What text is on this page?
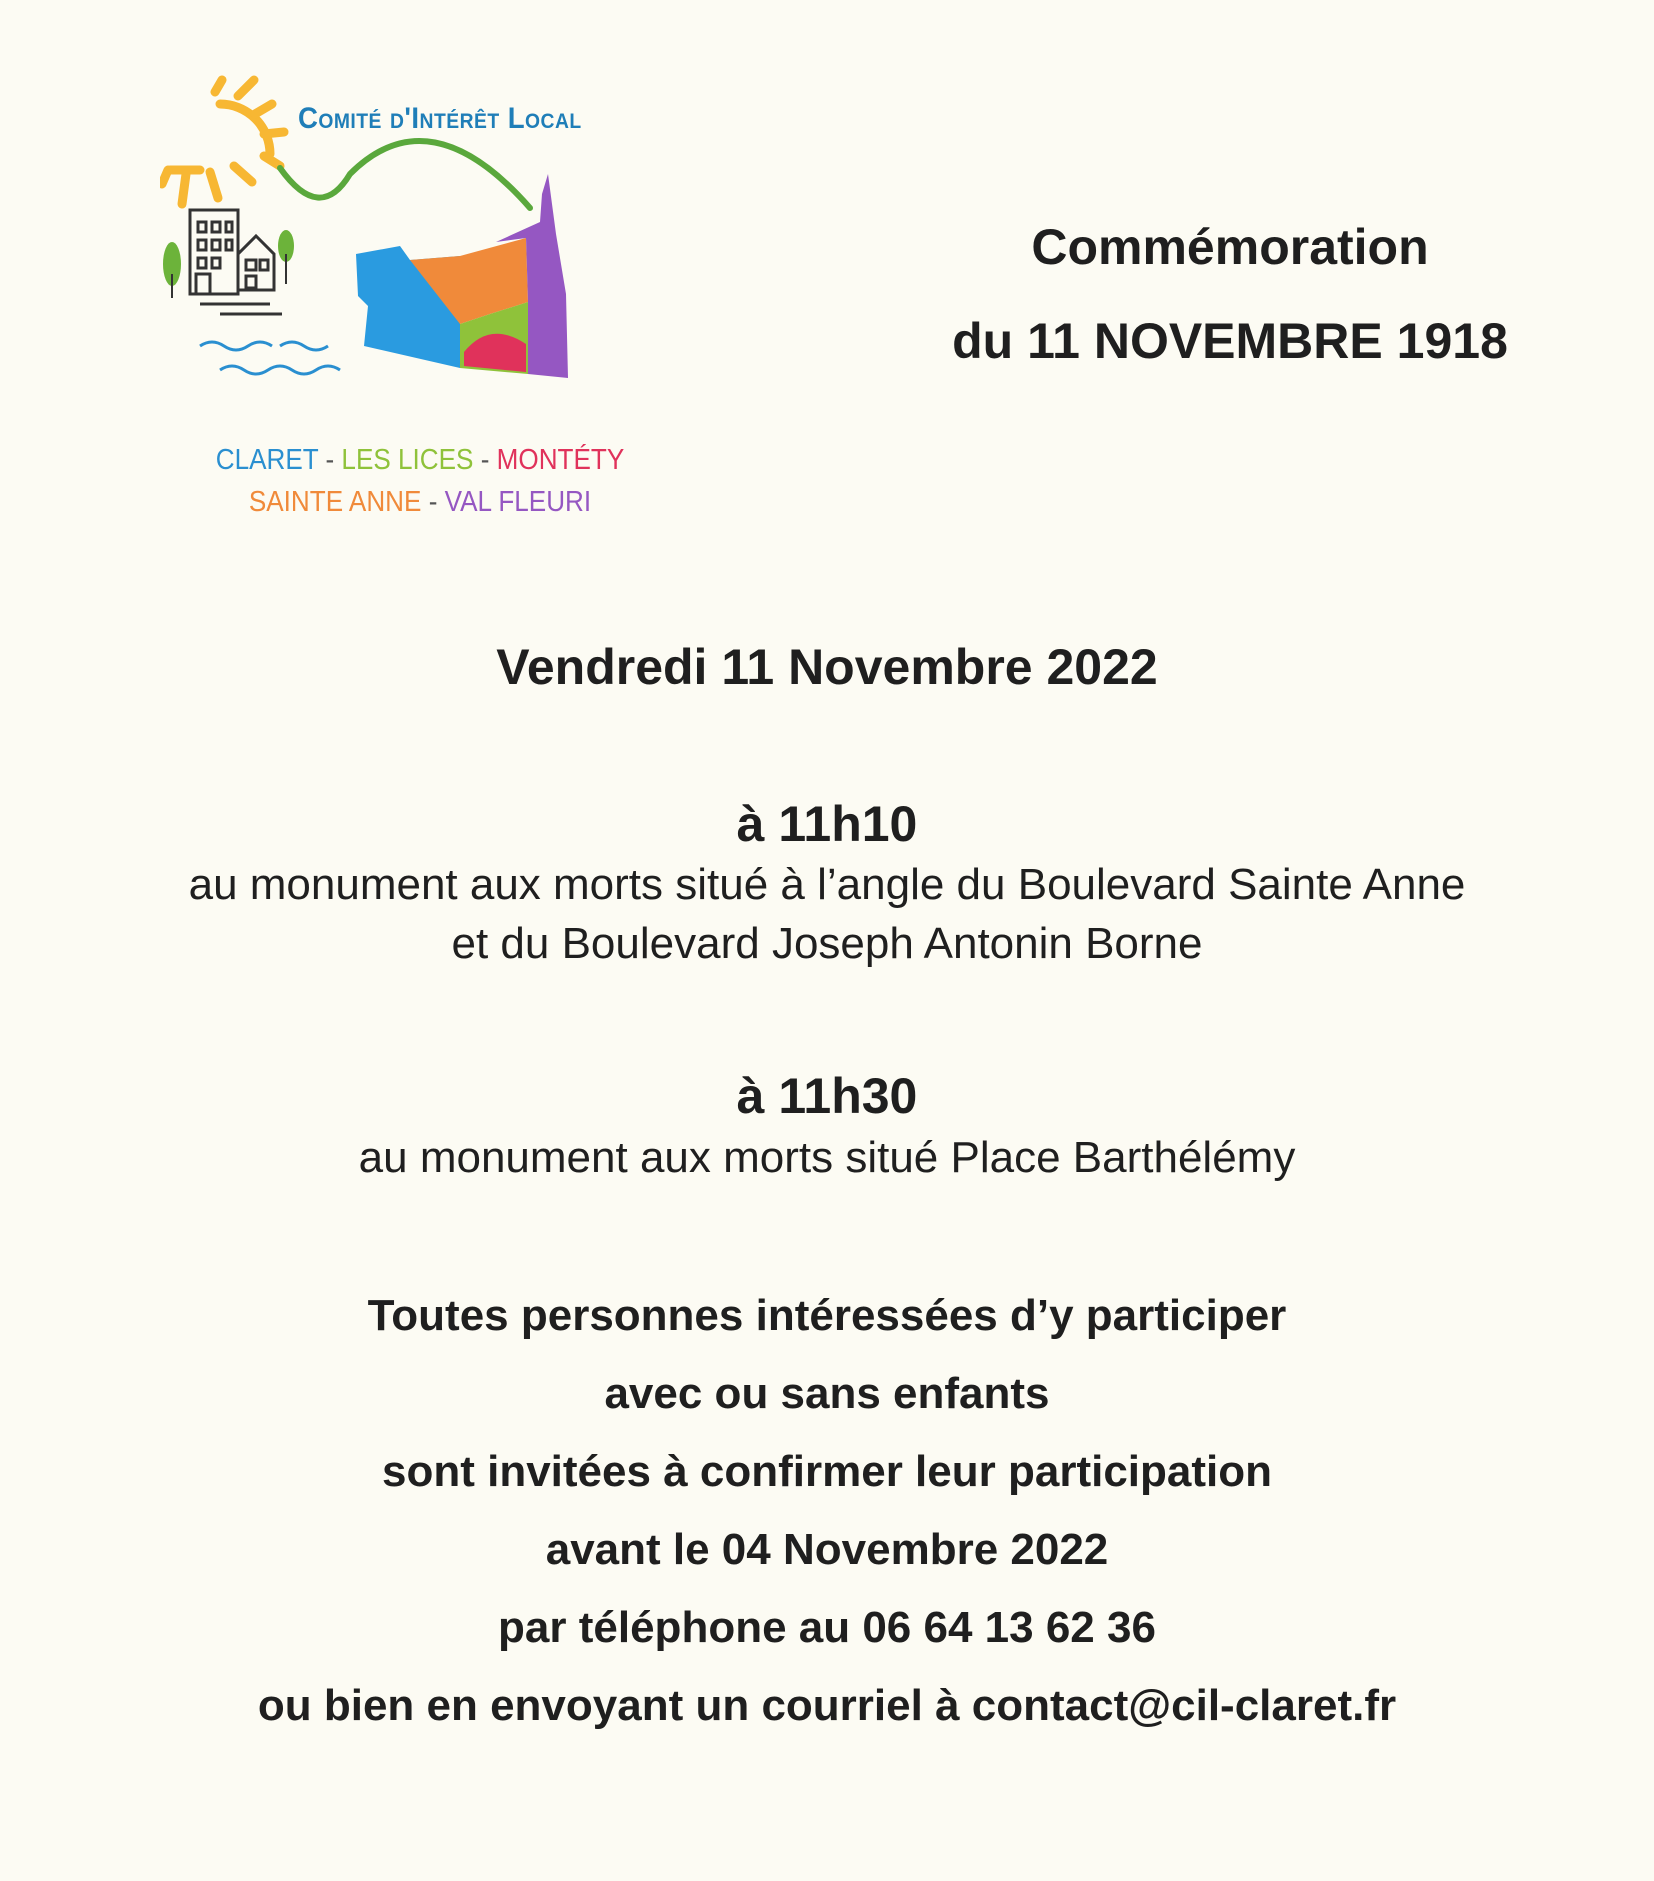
Comité d'Intérêt Local
CLARET - LES LICES - MONTÉTY
SAINTE ANNE - VAL FLEURI
Commémoration
du 11 NOVEMBRE 1918
Vendredi 11 Novembre 2022
à 11h10
au monument aux morts situé à l’angle du Boulevard Sainte Anne
et du Boulevard Joseph Antonin Borne
à 11h30
au monument aux morts situé Place Barthélémy
Toutes personnes intéressées d’y participer
avec ou sans enfants
sont invitées à confirmer leur participation
avant le 04 Novembre 2022
par téléphone au 06 64 13 62 36
ou bien en envoyant un courriel à contact@cil-claret.fr
